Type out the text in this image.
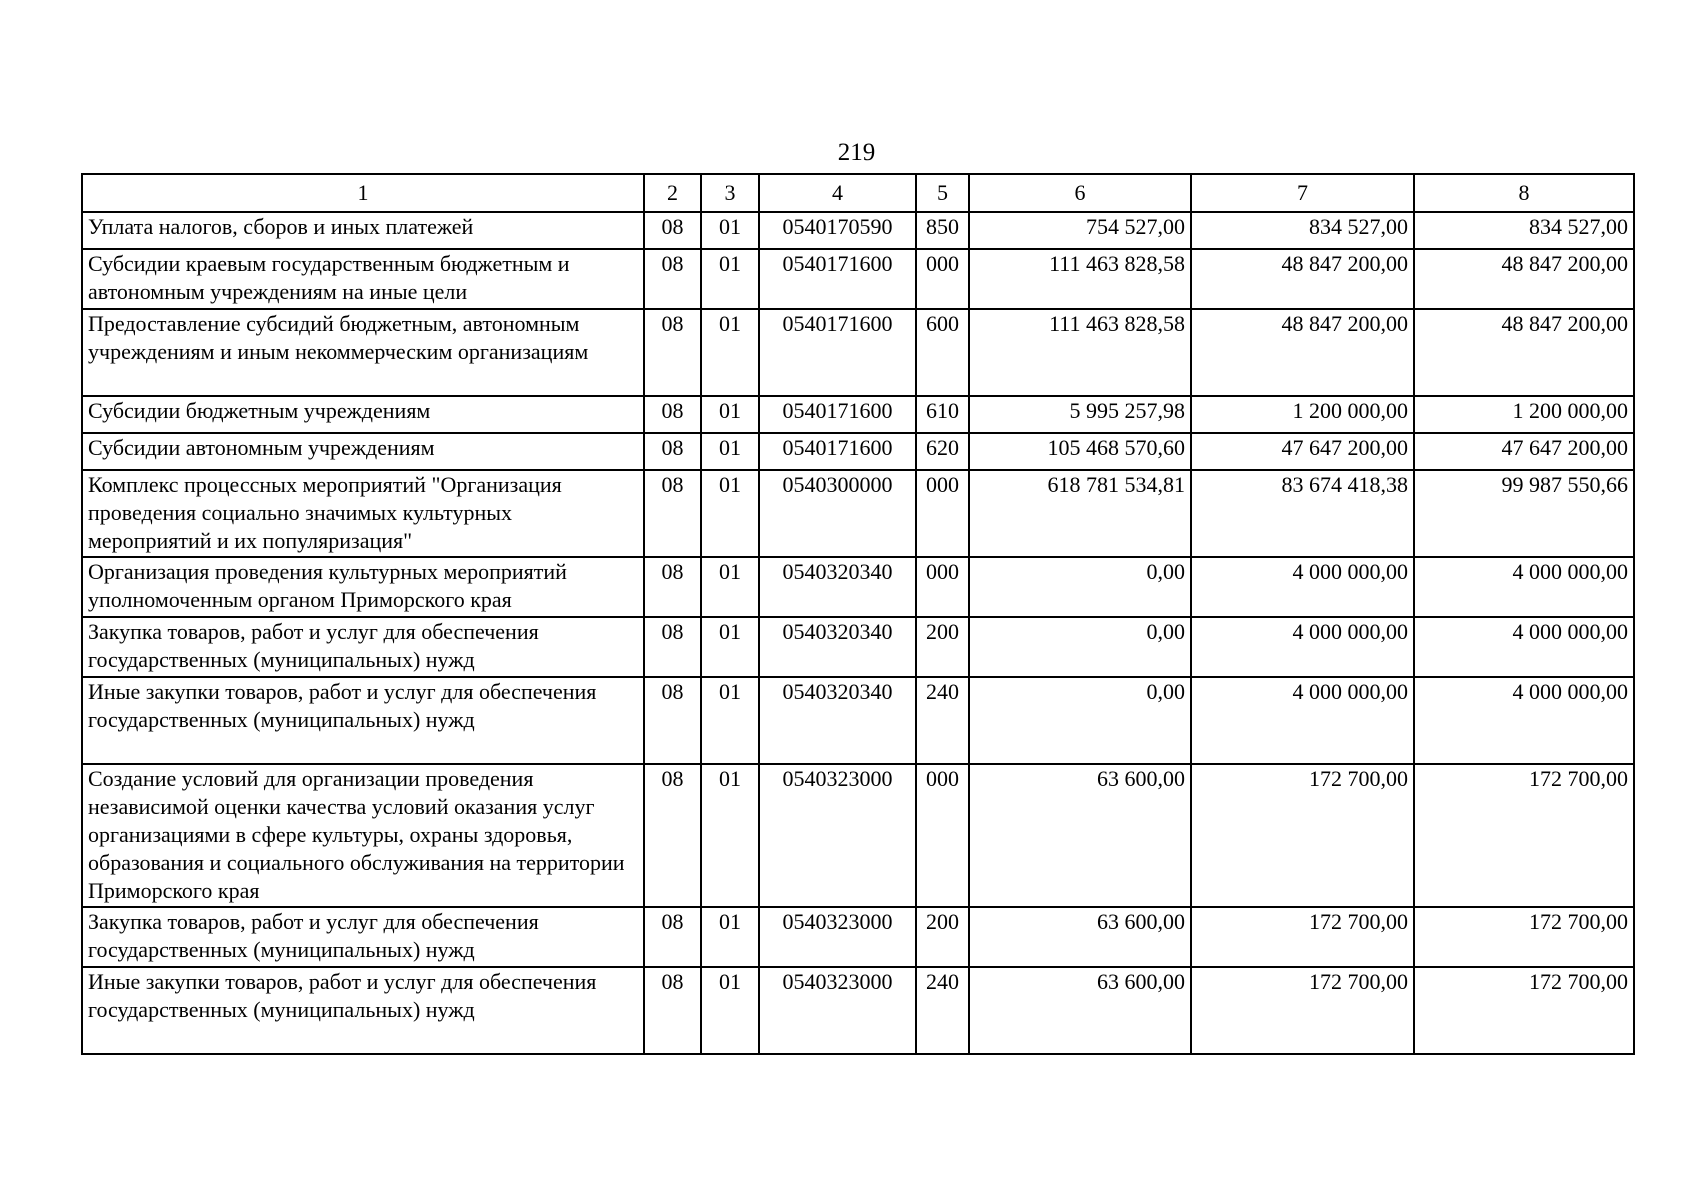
219
1	2	3	4	5	6	7	8
Уплата налогов, сборов и иных платежей	08	01	0540170590	850	754 527,00	834 527,00	834 527,00
Субсидии краевым государственным бюджетным и автономным учреждениям на иные цели	08	01	0540171600	000	111 463 828,58	48 847 200,00	48 847 200,00
Предоставление субсидий бюджетным, автономным учреждениям и иным некоммерческим организациям	08	01	0540171600	600	111 463 828,58	48 847 200,00	48 847 200,00
Субсидии бюджетным учреждениям	08	01	0540171600	610	5 995 257,98	1 200 000,00	1 200 000,00
Субсидии автономным учреждениям	08	01	0540171600	620	105 468 570,60	47 647 200,00	47 647 200,00
Комплекс процессных мероприятий "Организация проведения социально значимых культурных мероприятий и их популяризация"	08	01	0540300000	000	618 781 534,81	83 674 418,38	99 987 550,66
Организация проведения культурных мероприятий уполномоченным органом Приморского края	08	01	0540320340	000	0,00	4 000 000,00	4 000 000,00
Закупка товаров, работ и услуг для обеспечения государственных (муниципальных) нужд	08	01	0540320340	200	0,00	4 000 000,00	4 000 000,00
Иные закупки товаров, работ и услуг для обеспечения государственных (муниципальных) нужд	08	01	0540320340	240	0,00	4 000 000,00	4 000 000,00
Создание условий для организации проведения независимой оценки качества условий оказания услуг организациями в сфере культуры, охраны здоровья, образования и социального обслуживания на территории Приморского края	08	01	0540323000	000	63 600,00	172 700,00	172 700,00
Закупка товаров, работ и услуг для обеспечения государственных (муниципальных) нужд	08	01	0540323000	200	63 600,00	172 700,00	172 700,00
Иные закупки товаров, работ и услуг для обеспечения государственных (муниципальных) нужд	08	01	0540323000	240	63 600,00	172 700,00	172 700,00
